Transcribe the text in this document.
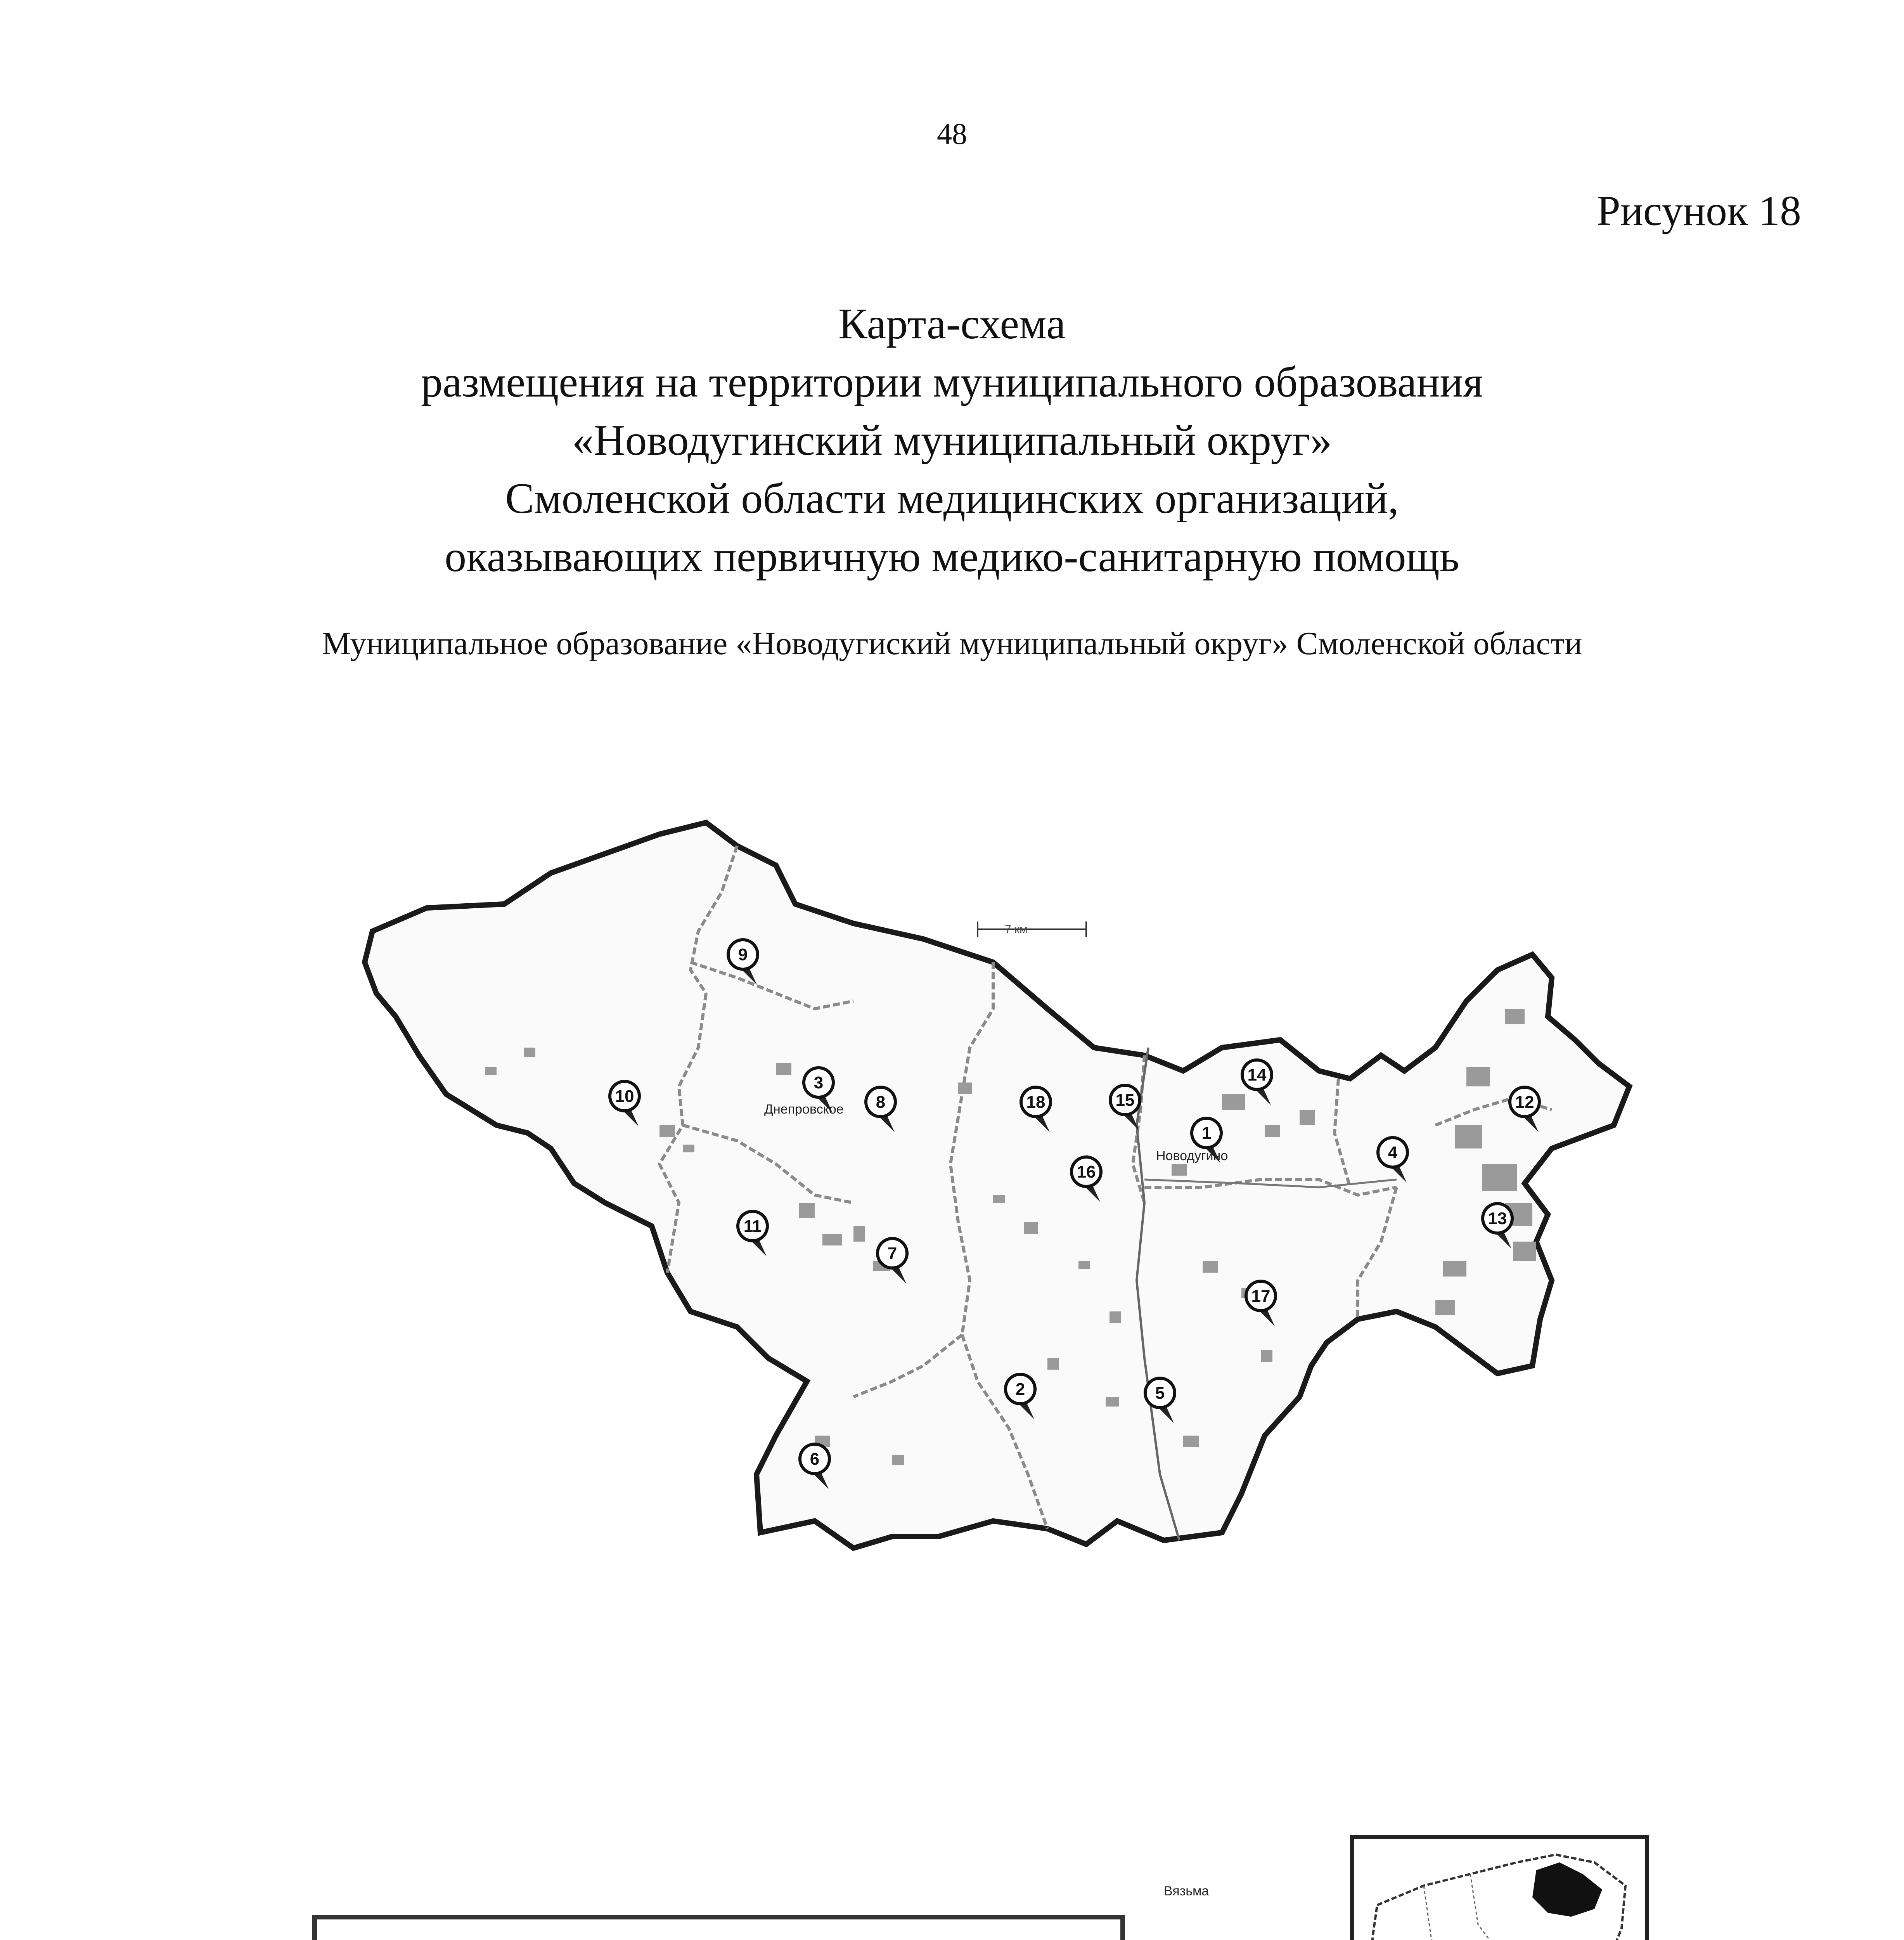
48
Рисунок 18
Карта-схема
размещения на территории муниципального образования
«Новодугинский муниципальный округ»
Смоленской области медицинских организаций,
оказывающих первичную медико-санитарную помощь
Муниципальное образование «Новодугиский муниципальный округ» Смоленской области
7 км
Днепровское
Новодугино
Вязьма
1
2
3
4
5
6
7
8
9
10
11
12
13
14
15
16
17
18
